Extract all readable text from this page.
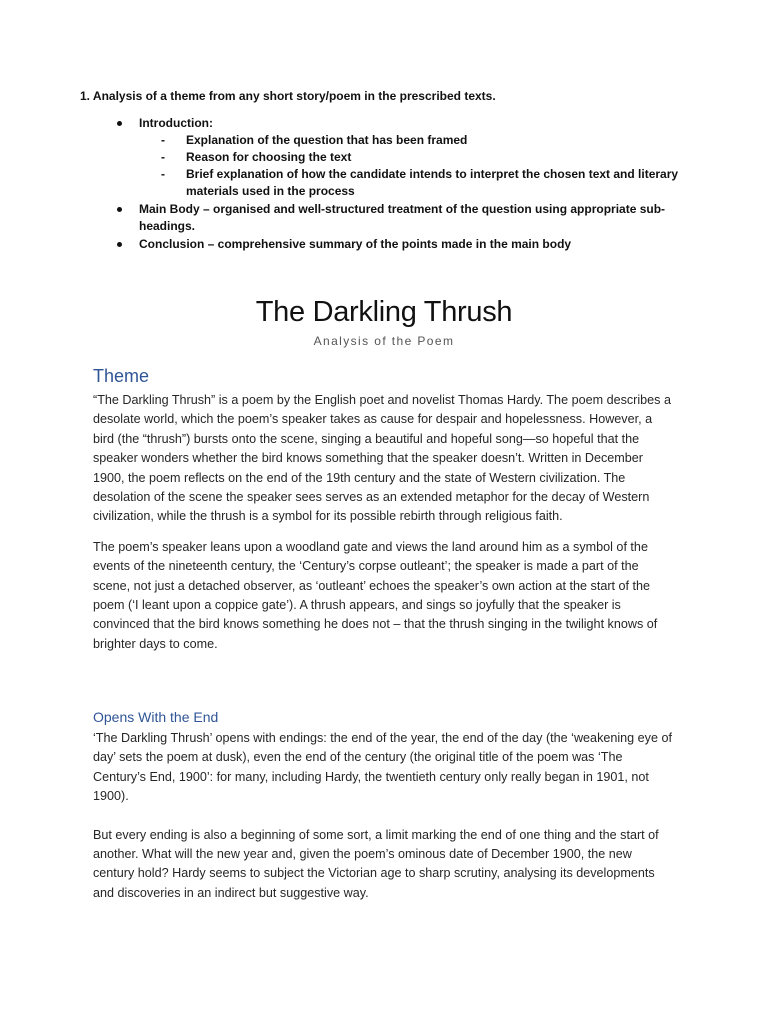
1. Analysis of a theme from any short story/poem in the prescribed texts.

Introduction:
- Explanation of the question that has been framed
- Reason for choosing the text
- Brief explanation of how the candidate intends to interpret the chosen text and literary materials used in the process
Main Body – organised and well-structured treatment of the question using appropriate sub-headings.
Conclusion – comprehensive summary of the points made in the main body
The Darkling Thrush
Analysis of the Poem
Theme

“The Darkling Thrush” is a poem by the English poet and novelist Thomas Hardy. The poem describes a desolate world, which the poem’s speaker takes as cause for despair and hopelessness. However, a bird (the “thrush”) bursts onto the scene, singing a beautiful and hopeful song—so hopeful that the speaker wonders whether the bird knows something that the speaker doesn’t. Written in December 1900, the poem reflects on the end of the 19th century and the state of Western civilization. The desolation of the scene the speaker sees serves as an extended metaphor for the decay of Western civilization, while the thrush is a symbol for its possible rebirth through religious faith.

The poem’s speaker leans upon a woodland gate and views the land around him as a symbol of the events of the nineteenth century, the ‘Century’s corpse outleant’; the speaker is made a part of the scene, not just a detached observer, as ‘outleant’ echoes the speaker’s own action at the start of the poem (‘I leant upon a coppice gate’). A thrush appears, and sings so joyfully that the speaker is convinced that the bird knows something he does not – that the thrush singing in the twilight knows of brighter days to come.

Opens With the End

‘The Darkling Thrush’ opens with endings: the end of the year, the end of the day (the ‘weakening eye of day’ sets the poem at dusk), even the end of the century (the original title of the poem was ‘The Century’s End, 1900’: for many, including Hardy, the twentieth century only really began in 1901, not 1900).

But every ending is also a beginning of some sort, a limit marking the end of one thing and the start of another. What will the new year and, given the poem’s ominous date of December 1900, the new century hold? Hardy seems to subject the Victorian age to sharp scrutiny, analysing its developments and discoveries in an indirect but suggestive way.
